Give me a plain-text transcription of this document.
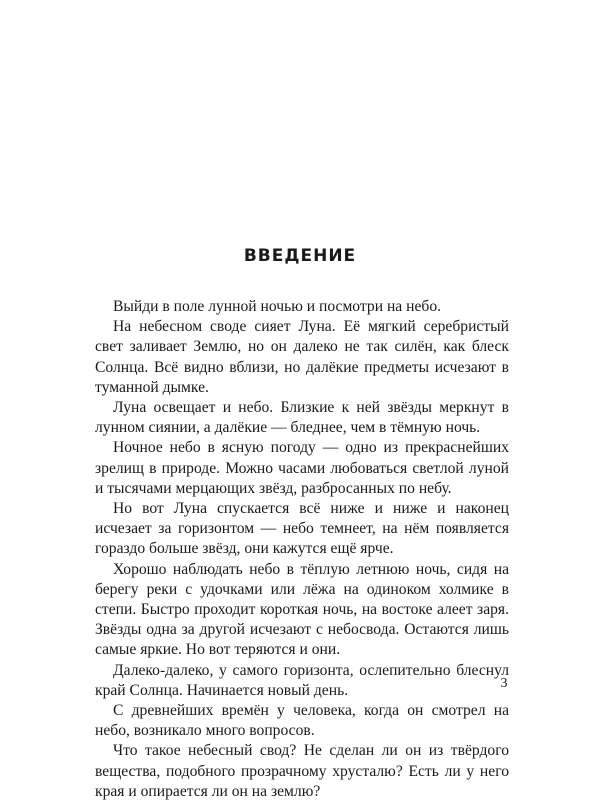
ВВЕДЕНИЕ

Выйди в поле лунной ночью и посмотри на небо.

На небесном своде сияет Луна. Её мягкий серебристый свет заливает Землю, но он далеко не так силён, как блеск Солнца. Всё видно вблизи, но далёкие предметы исчезают в туманной дымке.

Луна освещает и небо. Близкие к ней звёзды меркнут в лунном сиянии, а далёкие — бледнее, чем в тёмную ночь.

Ночное небо в ясную погоду — одно из прекраснейших зрелищ в природе. Можно часами любоваться светлой луной и тысячами мерцающих звёзд, разбросанных по небу.

Но вот Луна спускается всё ниже и ниже и наконец исчезает за горизонтом — небо темнеет, на нём появляется гораздо больше звёзд, они кажутся ещё ярче.

Хорошо наблюдать небо в тёплую летнюю ночь, сидя на берегу реки с удочками или лёжа на одиноком холмике в степи. Быстро проходит короткая ночь, на востоке алеет заря. Звёзды одна за другой исчезают с небосвода. Остаются лишь самые яркие. Но вот теряются и они.

Далеко-далеко, у самого горизонта, ослепительно блеснул край Солнца. Начинается новый день.

С древнейших времён у человека, когда он смотрел на небо, возникало много вопросов.

Что такое небесный свод? Не сделан ли он из твёрдого вещества, подобного прозрачному хрусталю? Есть ли у него края и опирается ли он на землю?

3
